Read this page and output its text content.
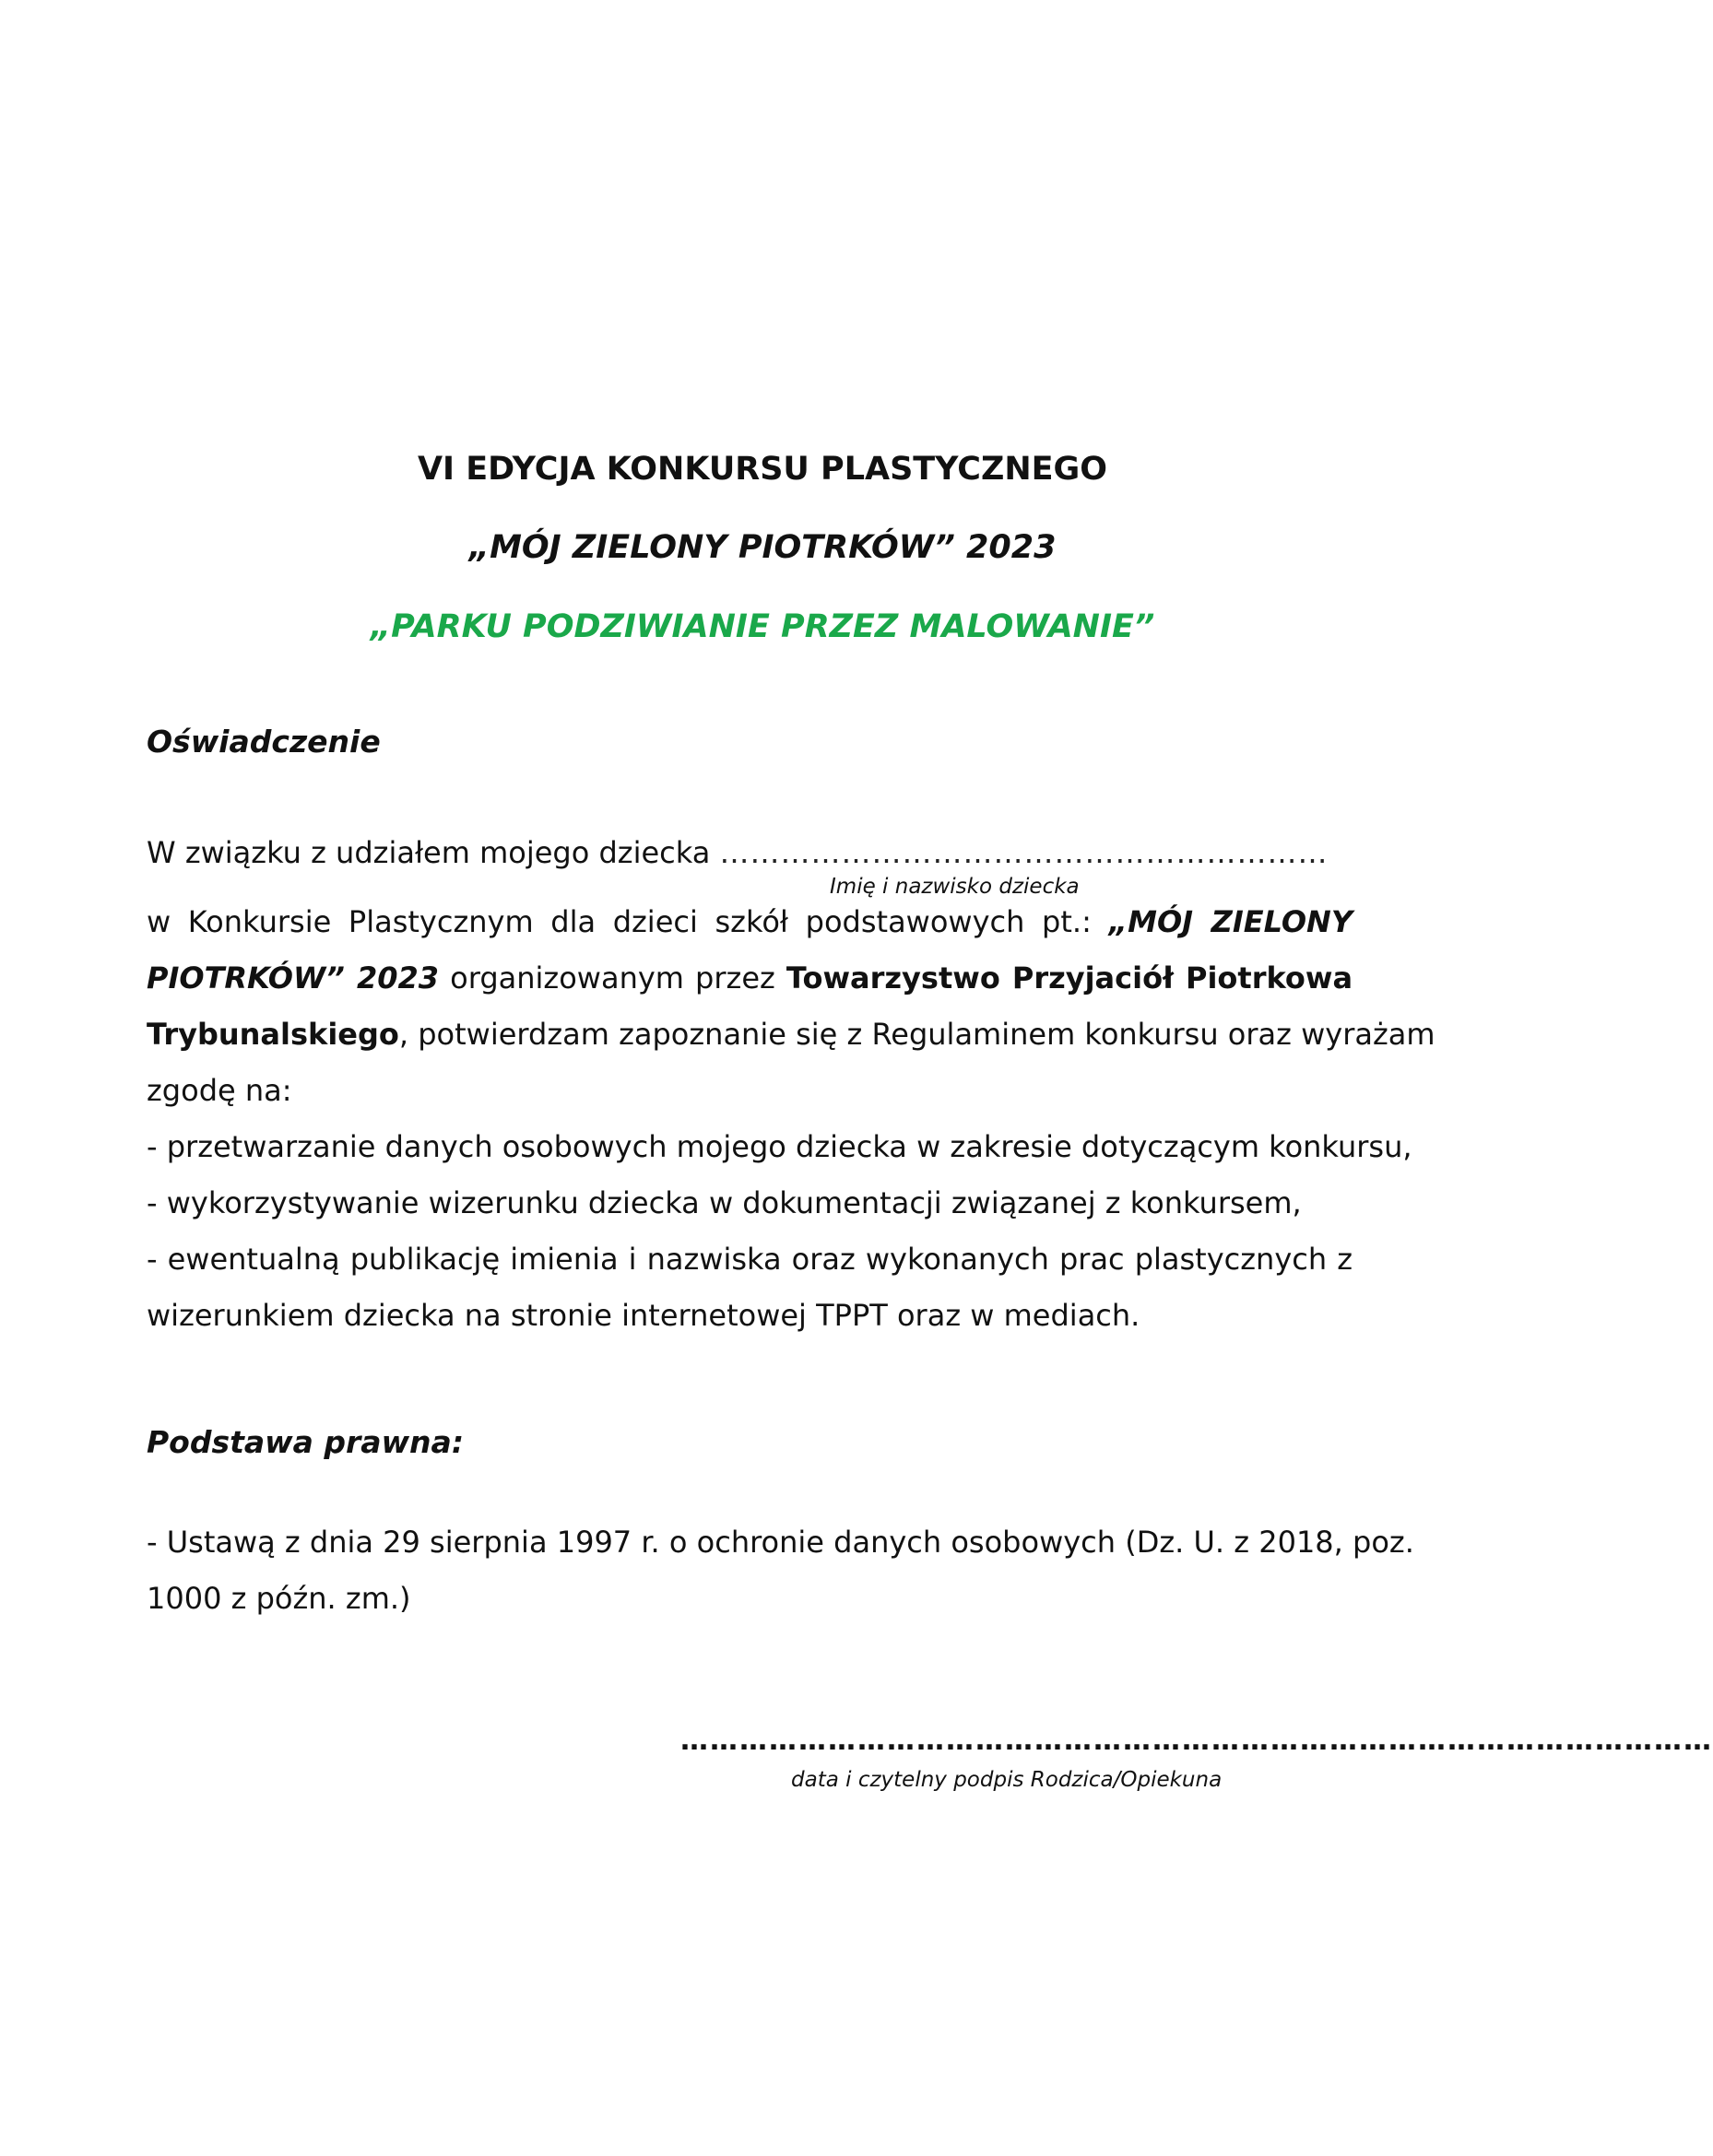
VI EDYCJA KONKURSU PLASTYCZNEGO
„MÓJ ZIELONY PIOTRKÓW” 2023
„PARKU PODZIWIANIE PRZEZ MALOWANIE”
Oświadczenie
W związku z udziałem mojego dziecka ……………………………………………………
Imię i nazwisko dziecka
w Konkursie Plastycznym dla dzieci szkół podstawowych pt.: „MÓJ ZIELONY
PIOTRKÓW” 2023 organizowanym przez Towarzystwo Przyjaciół Piotrkowa
Trybunalskiego, potwierdzam zapoznanie się z Regulaminem konkursu oraz wyrażam
zgodę na:
- przetwarzanie danych osobowych mojego dziecka w zakresie dotyczącym konkursu,
- wykorzystywanie wizerunku dziecka w dokumentacji związanej z konkursem,
- ewentualną publikację imienia i nazwiska oraz wykonanych prac plastycznych z
wizerunkiem dziecka na stronie internetowej TPPT oraz w mediach.
Podstawa prawna:
- Ustawą z dnia 29 sierpnia 1997 r. o ochronie danych osobowych (Dz. U. z 2018, poz.
1000 z późn. zm.)
……………………………………………………………………………………………
data i czytelny podpis Rodzica/Opiekuna
